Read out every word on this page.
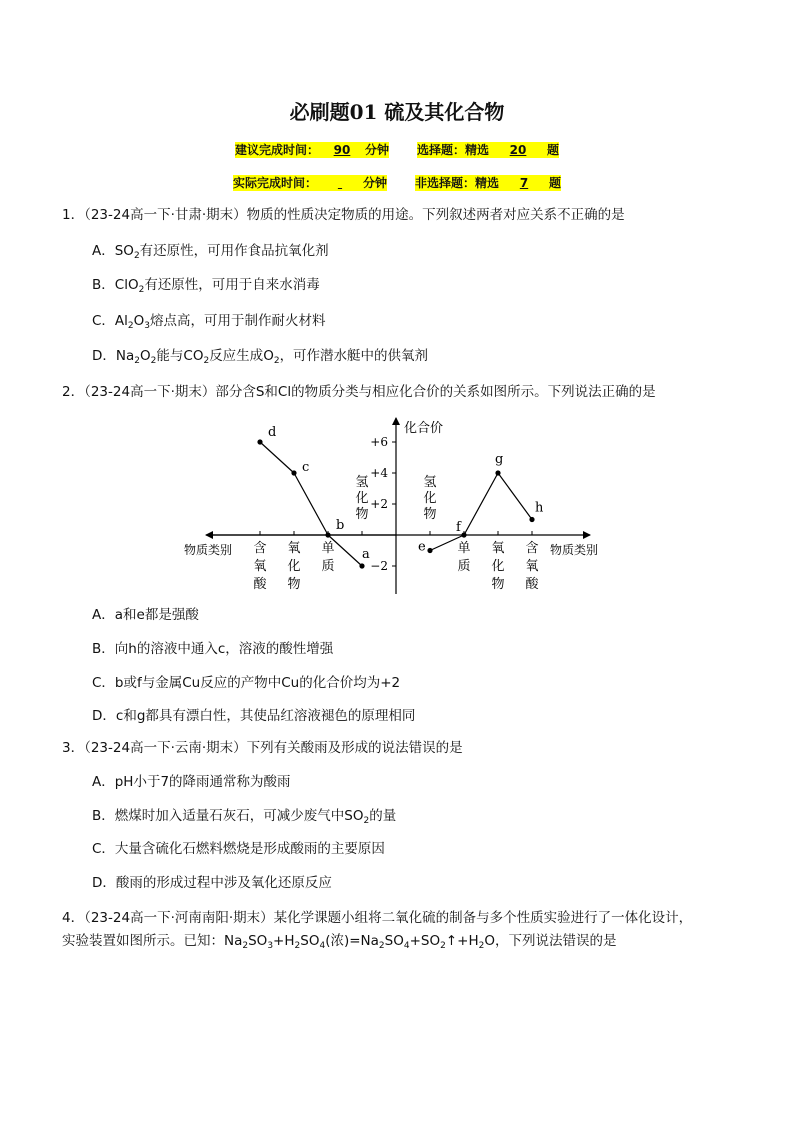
必刷题01 硫及其化合物
建议完成时间： 90 分钟 选择题：精选 20 题
实际完成时间：	分钟 非选择题：精选 7 题
1．（23-24高一下·甘肃·期末）物质的性质决定物质的用途。下列叙述两者对应关系不正确的是
A．$SO_2$有还原性，可用作食品抗氧化剂
B．ClO$_2$有还原性，可用于自来水消毒
C．$Al_2O_3$熔点高，可用于制作耐火材料
D．$Na_2O_2$能与$CO_2$反应生成$O_2$，可作潜水艇中的供氧剂
2．（23-24高一下·期末）部分含S和Cl的物质分类与相应化合价的关系如图所示。下列说法正确的是
化合价
物质类别	物质类别
+6
+4
+2
−2
含
氧
酸
氧
化
物
单
质
氢
化
物
氢
化
物
单
质
氧
化
物
含
氧
酸
d
c
b
a	e
f
g
h
A．a和e都是强酸
B．向h的溶液中通入c，溶液的酸性增强
C．b或f与金属Cu反应的产物中Cu的化合价均为+2
D．c和g都具有漂白性，其使品红溶液褪色的原理相同
3．（23-24高一下·云南·期末）下列有关酸雨及形成的说法错误的是
A．pH小于7的降雨通常称为酸雨
B．燃煤时加入适量石灰石，可减少废气中$SO_2$的量
C．大量含硫化石燃料燃烧是形成酸雨的主要原因
D．酸雨的形成过程中涉及氧化还原反应
4．（23-24高一下·河南南阳·期末）某化学课题小组将二氧化硫的制备与多个性质实验进行了一体化设计，
实验装置如图所示。已知：$Na_2SO_3+H_2SO_4$(浓)$=Na_2SO_4+SO_2↑+H_2O$，下列说法错误的是
